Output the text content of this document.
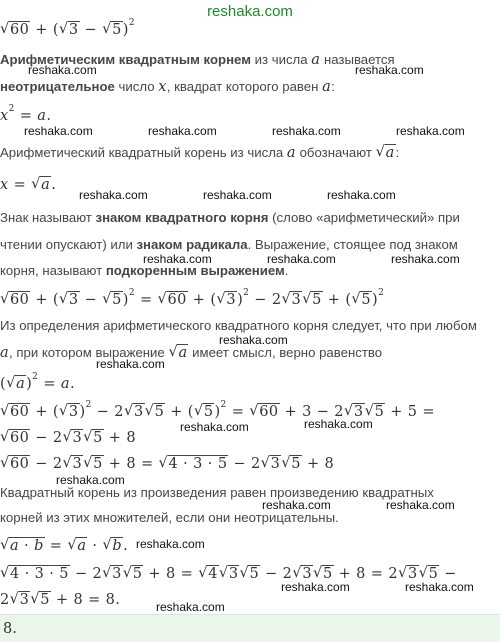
reshaka.com
√ 60 + ( √ 3 − √ 5)$^2$
Арифметическим квадратным корнем из числа a называется
неотрицательное число x, квадрат которого равен a:
$x^2 = a$.
Арифметический квадратный корень из числа a обозначают √ a:
x = √ a.
Знак называют знаком квадратного корня (слово «арифметический» при
чтении опускают) или знаком радикала. Выражение, стоящее под знаком
корня, называют подкоренным выражением.
√ 60 + ( √ 3 − √ 5)$^2$ = √ 60 + ( √ 3)$^2$ − 2 √ 3 √ 5 + ( √ 5)$^2$
Из определения арифметического квадратного корня следует, что при любом
a, при котором выражение √ a имеет смысл, верно равенство
( √ a)$^2$ = a.
√ 60 + ( √ 3)$^2$ − 2 √ 3 √ 5 + ( √ 5)$^2$ = √ 60 + 3 − 2 √ 3 √ 5 + 5 =
√ 60 − 2 √ 3 √ 5 + 8
√ 60 − 2 √ 3 √ 5 + 8 = √ 4 · 3 · 5 − 2 √ 3 √ 5 + 8
Квадратный корень из произведения равен произведению квадратных
корней из этих множителей, если они неотрицательны.
√ a · b = √ a · √ b.
√ 4 · 3 · 5 − 2 √ 3 √ 5 + 8 = √ 4 √ 3 √ 5 − 2 √ 3 √ 5 + 8 = 2 √ 3 √ 5 −
2 √ 3 √ 5 + 8 = 8.
8.
reshaka.com	reshaka.com
reshaka.com	reshaka.com	reshaka.com	reshaka.com
reshaka.com	reshaka.com	reshaka.com
reshaka.com	reshaka.com	reshaka.com
reshaka.com
reshaka.com
reshaka.com	reshaka.com
reshaka.com
reshaka.com	reshaka.com
reshaka.com
reshaka.com	reshaka.com
reshaka.com
